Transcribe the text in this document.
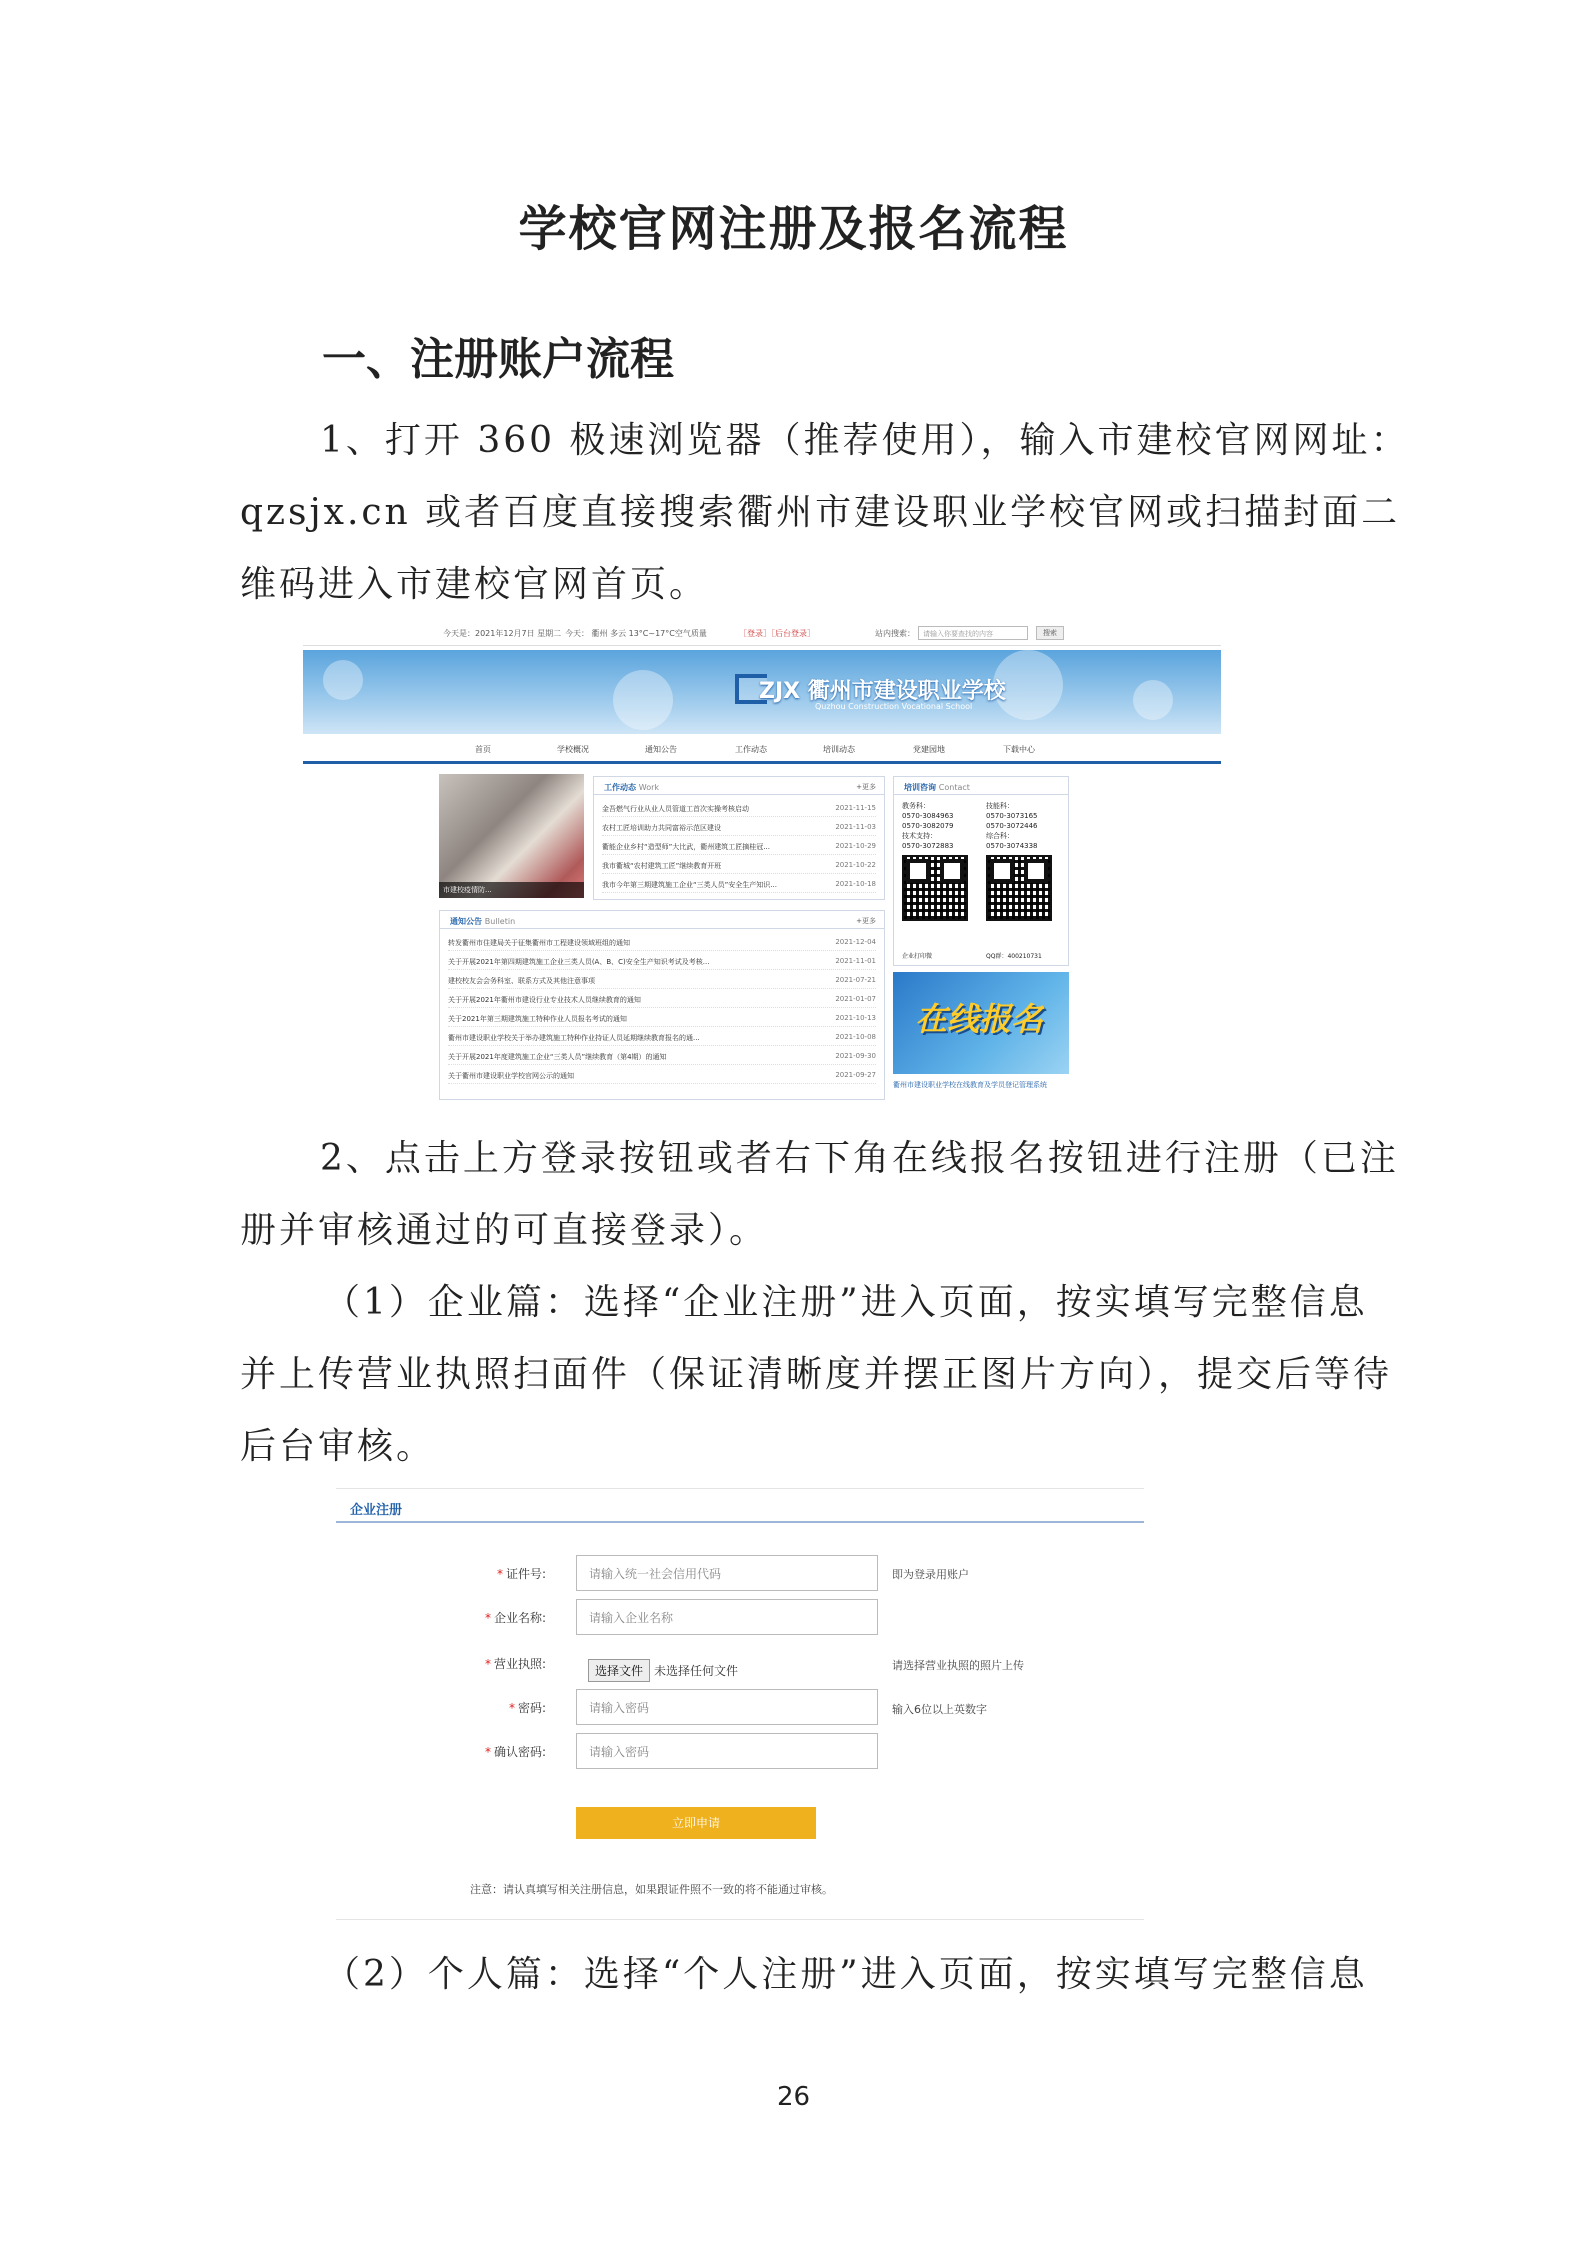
学校官网注册及报名流程
一、注册账户流程
1、打开 360 极速浏览器（推荐使用），输入市建校官网网址：
qzsjx.cn 或者百度直接搜索衢州市建设职业学校官网或扫描封面二
维码进入市建校官网首页。
今天是：2021年12月7日 星期二 今天： 衢州 多云 13°C~17°C空气质量	［登录］［后台登录］	站内搜索：	请输入你要查找的内容	搜索
ZJX 衢州市建设职业学校
Quzhou Construction Vocational School
首页	学校概况	通知公告	工作动态	培训动态	党建园地	下载中心
市建校疫情防...
工作动态 Work	+更多
金吾燃气行业从业人员管道工首次实操考核启动	2021-11-15
农村工匠培训助力共同富裕示范区建设	2021-11-03
衢能企业乡村“造型师”大比武，衢州建筑工匠摘桂冠...	2021-10-29
我市衢城“农村建筑工匠”继续教育开班	2021-10-22
我市今年第三期建筑施工企业“三类人员”安全生产知识...	2021-10-18
培训咨询 Contact
教务科：
0570-3084963
0570-3082079
技术支持：
0570-3072883
技能科：
0570-3073165
0570-3072446
综合科：
0570-3074338
企业打印微	QQ群：400210731
通知公告 Bulletin	+更多
转发衢州市住建局关于征集衢州市工程建设领域班组的通知	2021-12-04
关于开展2021年第四期建筑施工企业三类人员(A、B、C)安全生产知识考试及考核...	2021-11-01
建校校友会会务科室、联系方式及其他注意事项	2021-07-21
关于开展2021年衢州市建设行业专业技术人员继续教育的通知	2021-01-07
关于2021年第三期建筑施工特种作业人员报名考试的通知	2021-10-13
衢州市建设职业学校关于举办建筑施工特种作业持证人员延期继续教育报名的通...	2021-10-08
关于开展2021年度建筑施工企业“三类人员”继续教育（第4期）的通知	2021-09-30
关于衢州市建设职业学校官网公示的通知	2021-09-27
在线报名
衢州市建设职业学校在线教育及学员登记管理系统
2、点击上方登录按钮或者右下角在线报名按钮进行注册（已注
册并审核通过的可直接登录）。
（1）企业篇：选择“企业注册”进入页面，按实填写完整信息
并上传营业执照扫面件（保证清晰度并摆正图片方向），提交后等待
后台审核。
企业注册
* 证件号:	请输入统一社会信用代码	即为登录用账户
* 企业名称:	请输入企业名称
* 营业执照:	选择文件 未选择任何文件	请选择营业执照的照片上传
* 密码:	请输入密码	输入6位以上英数字
* 确认密码:	请输入密码
立即申请
注意：请认真填写相关注册信息，如果跟证件照不一致的将不能通过审核。
（2）个人篇：选择“个人注册”进入页面，按实填写完整信息
26
